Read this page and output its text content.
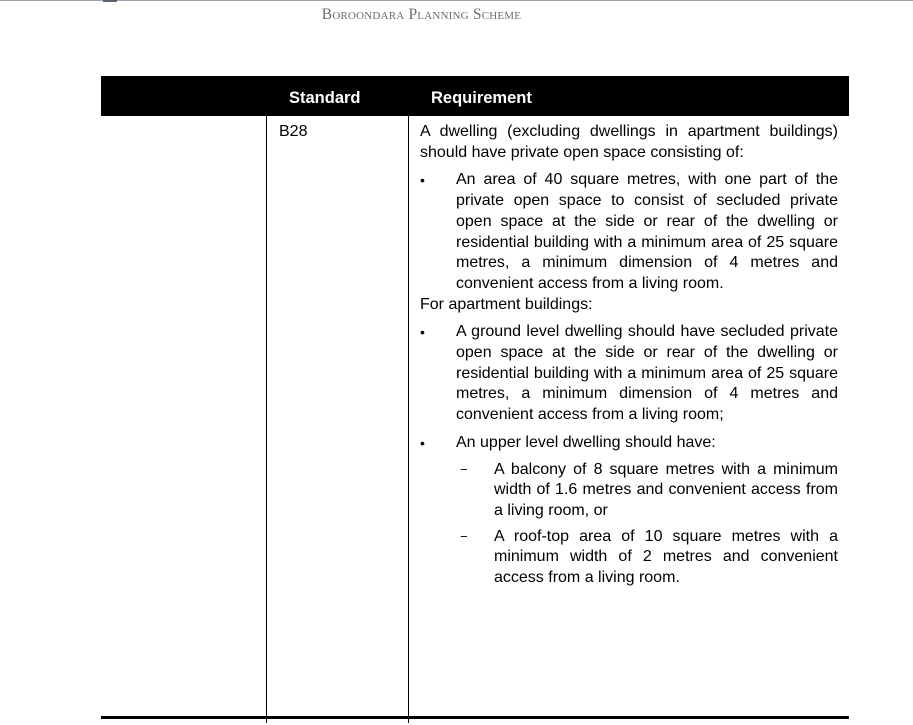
Boroondara Planning Scheme
Standard	Requirement
B28	A dwelling (excluding dwellings in apartment buildings) should have private open space consisting of:

•	An area of 40 square metres, with one part of the private open space to consist of secluded private open space at the side or rear of the dwelling or residential building with a minimum area of 25 square metres, a minimum dimension of 4 metres and convenient access from a living room.

For apartment buildings:

•	A ground level dwelling should have secluded private open space at the side or rear of the dwelling or residential building with a minimum area of 25 square metres, a minimum dimension of 4 metres and convenient access from a living room;
•	An upper level dwelling should have:
− A balcony of 8 square metres with a minimum width of 1.6 metres and convenient access from a living room, or
− A roof-top area of 10 square metres with a minimum width of 2 metres and convenient access from a living room.
